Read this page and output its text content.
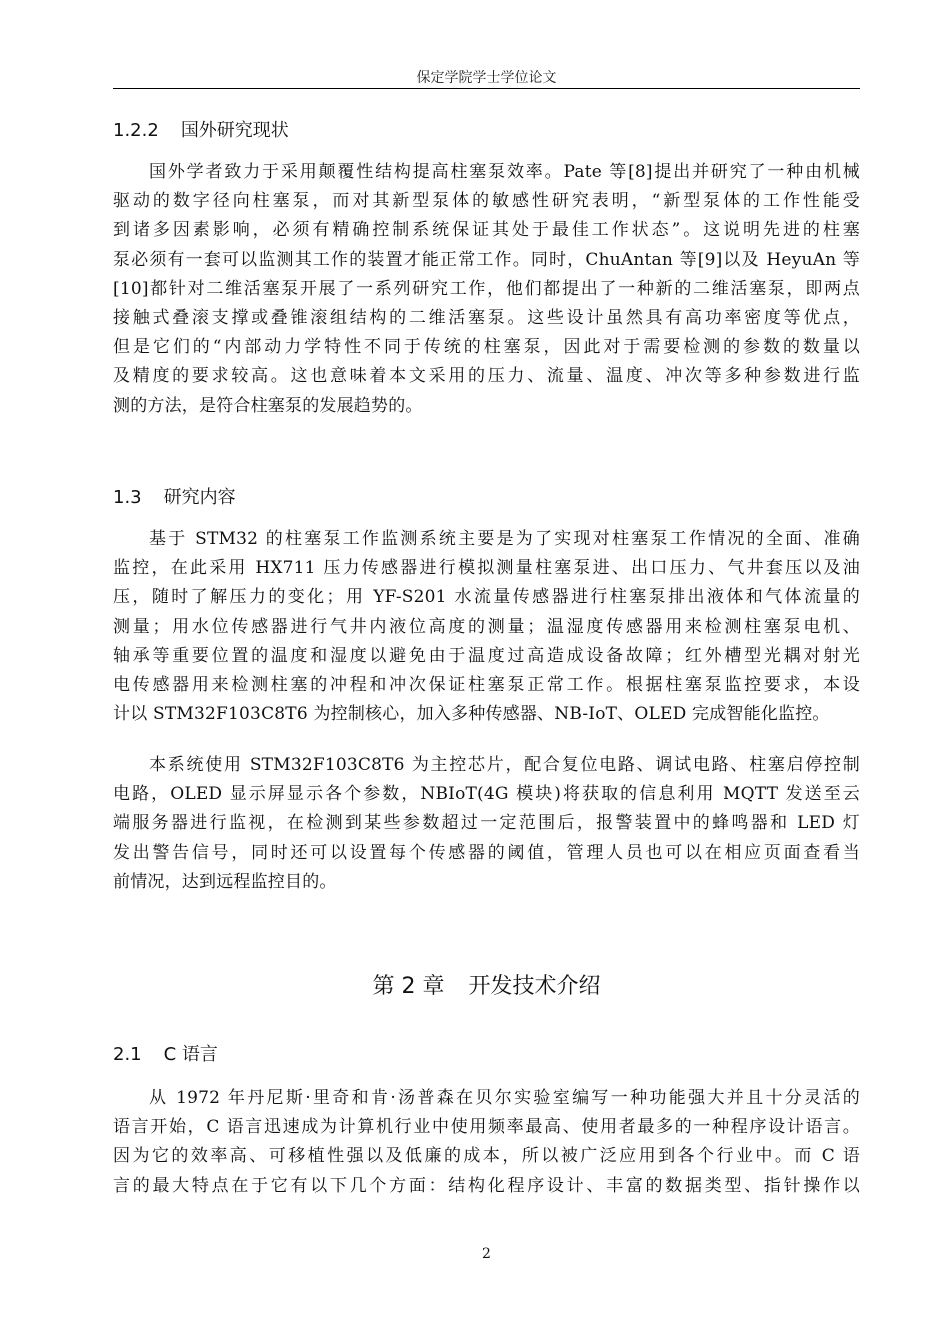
保定学院学士学位论文
1.2.2 国外研究现状
国外学者致力于采用颠覆性结构提高柱塞泵效率。Pate 等[8]提出并研究了一种由机械
驱动的数字径向柱塞泵，而对其新型泵体的敏感性研究表明，“新型泵体的工作性能受
到诸多因素影响，必须有精确控制系统保证其处于最佳工作状态”。这说明先进的柱塞
泵必须有一套可以监测其工作的装置才能正常工作。同时，ChuAntan 等[9]以及 HeyuAn 等
[10]都针对二维活塞泵开展了一系列研究工作，他们都提出了一种新的二维活塞泵，即两点
接触式叠滚支撑或叠锥滚组结构的二维活塞泵。这些设计虽然具有高功率密度等优点，
但是它们的“内部动力学特性不同于传统的柱塞泵，因此对于需要检测的参数的数量以
及精度的要求较高。这也意味着本文采用的压力、流量、温度、冲次等多种参数进行监
测的方法，是符合柱塞泵的发展趋势的。
1.3 研究内容
基于 STM32 的柱塞泵工作监测系统主要是为了实现对柱塞泵工作情况的全面、准确
监控，在此采用 HX711 压力传感器进行模拟测量柱塞泵进、出口压力、气井套压以及油
压，随时了解压力的变化；用 YF-S201 水流量传感器进行柱塞泵排出液体和气体流量的
测量；用水位传感器进行气井内液位高度的测量；温湿度传感器用来检测柱塞泵电机、
轴承等重要位置的温度和湿度以避免由于温度过高造成设备故障；红外槽型光耦对射光
电传感器用来检测柱塞的冲程和冲次保证柱塞泵正常工作。根据柱塞泵监控要求，本设
计以 STM32F103C8T6 为控制核心，加入多种传感器、NB-IoT、OLED 完成智能化监控。
本系统使用 STM32F103C8T6 为主控芯片，配合复位电路、调试电路、柱塞启停控制
电路，OLED 显示屏显示各个参数，NBIoT(4G 模块)将获取的信息利用 MQTT 发送至云
端服务器进行监视，在检测到某些参数超过一定范围后，报警装置中的蜂鸣器和 LED 灯
发出警告信号，同时还可以设置每个传感器的阈值，管理人员也可以在相应页面查看当
前情况，达到远程监控目的。
第 2 章 开发技术介绍
2.1 C 语言
从 1972 年丹尼斯·里奇和肯·汤普森在贝尔实验室编写一种功能强大并且十分灵活的
语言开始，C 语言迅速成为计算机行业中使用频率最高、使用者最多的一种程序设计语言。
因为它的效率高、可移植性强以及低廉的成本，所以被广泛应用到各个行业中。而 C 语
言的最大特点在于它有以下几个方面：结构化程序设计、丰富的数据类型、指针操作以
2
